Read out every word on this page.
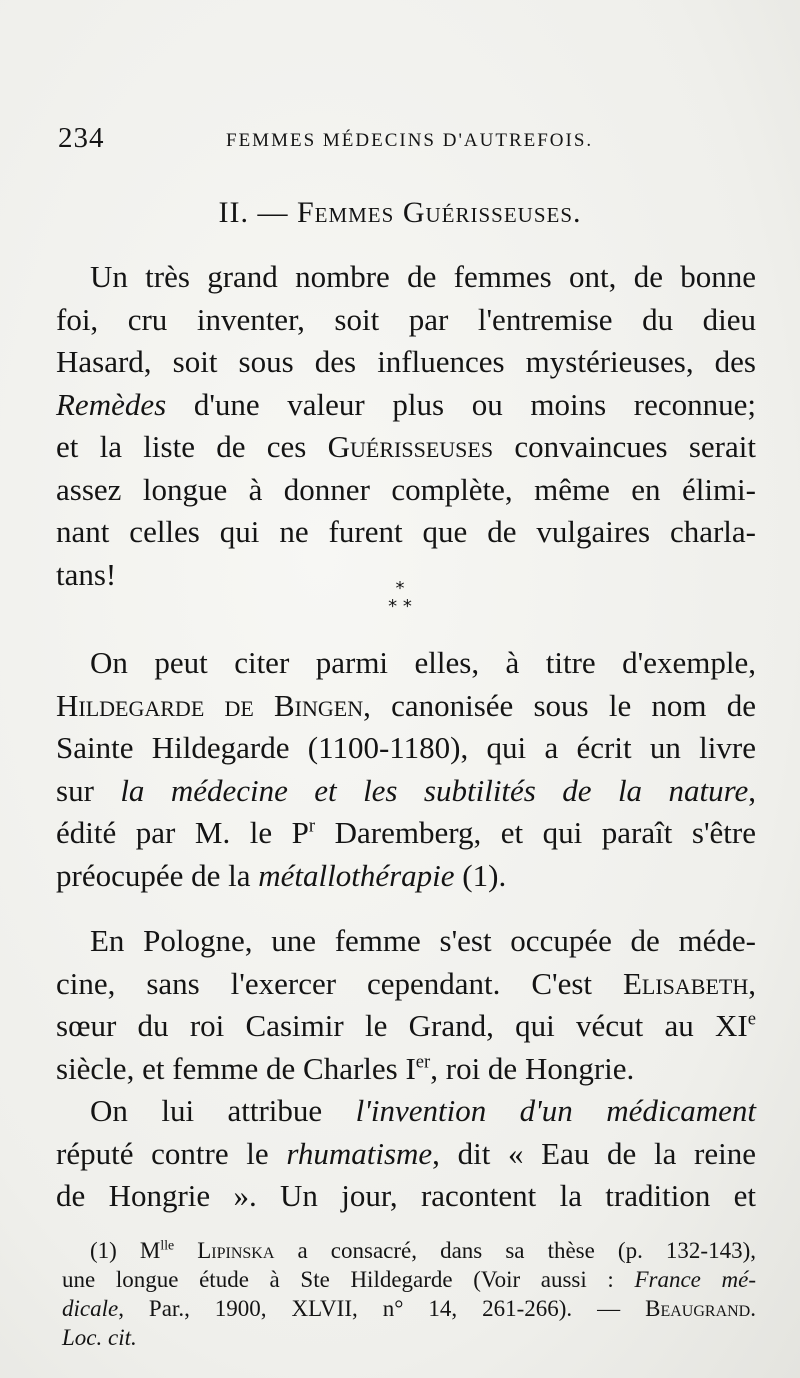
234	FEMMES MÉDECINS D'AUTREFOIS.
II. — Femmes Guérisseuses.
Un très grand nombre de femmes ont, de bonne
foi, cru inventer, soit par l'entremise du dieu
Hasard, soit sous des influences mystérieuses, des
Remèdes d'une valeur plus ou moins reconnue;
et la liste de ces Guérisseuses convaincues serait
assez longue à donner complète, même en élimi-
nant celles qui ne furent que de vulgaires charla-
tans!	*
* *
On peut citer parmi elles, à titre d'exemple,
Hildegarde de Bingen, canonisée sous le nom de
Sainte Hildegarde (1100-1180), qui a écrit un livre
sur la médecine et les subtilités de la nature,
édité par M. le $P^r$ Daremberg, et qui paraît s'être
préocupée de la métallothérapie (1).
En Pologne, une femme s'est occupée de méde-
cine, sans l'exercer cependant. C'est Elisabeth,
sœur du roi Casimir le Grand, qui vécut au XIe
siècle, et femme de Charles Ier, roi de Hongrie.
On lui attribue l'invention d'un médicament
réputé contre le rhumatisme, dit « Eau de la reine
de Hongrie ». Un jour, racontent la tradition et
(1) $M^{lle}$ Lipinska a consacré, dans sa thèse (p. 132-143),
une longue étude à Ste Hildegarde (Voir aussi : France mé-
dicale, Par., 1900, XLVII, n° 14, 261-266). — Beaugrand.
Loc. cit.
